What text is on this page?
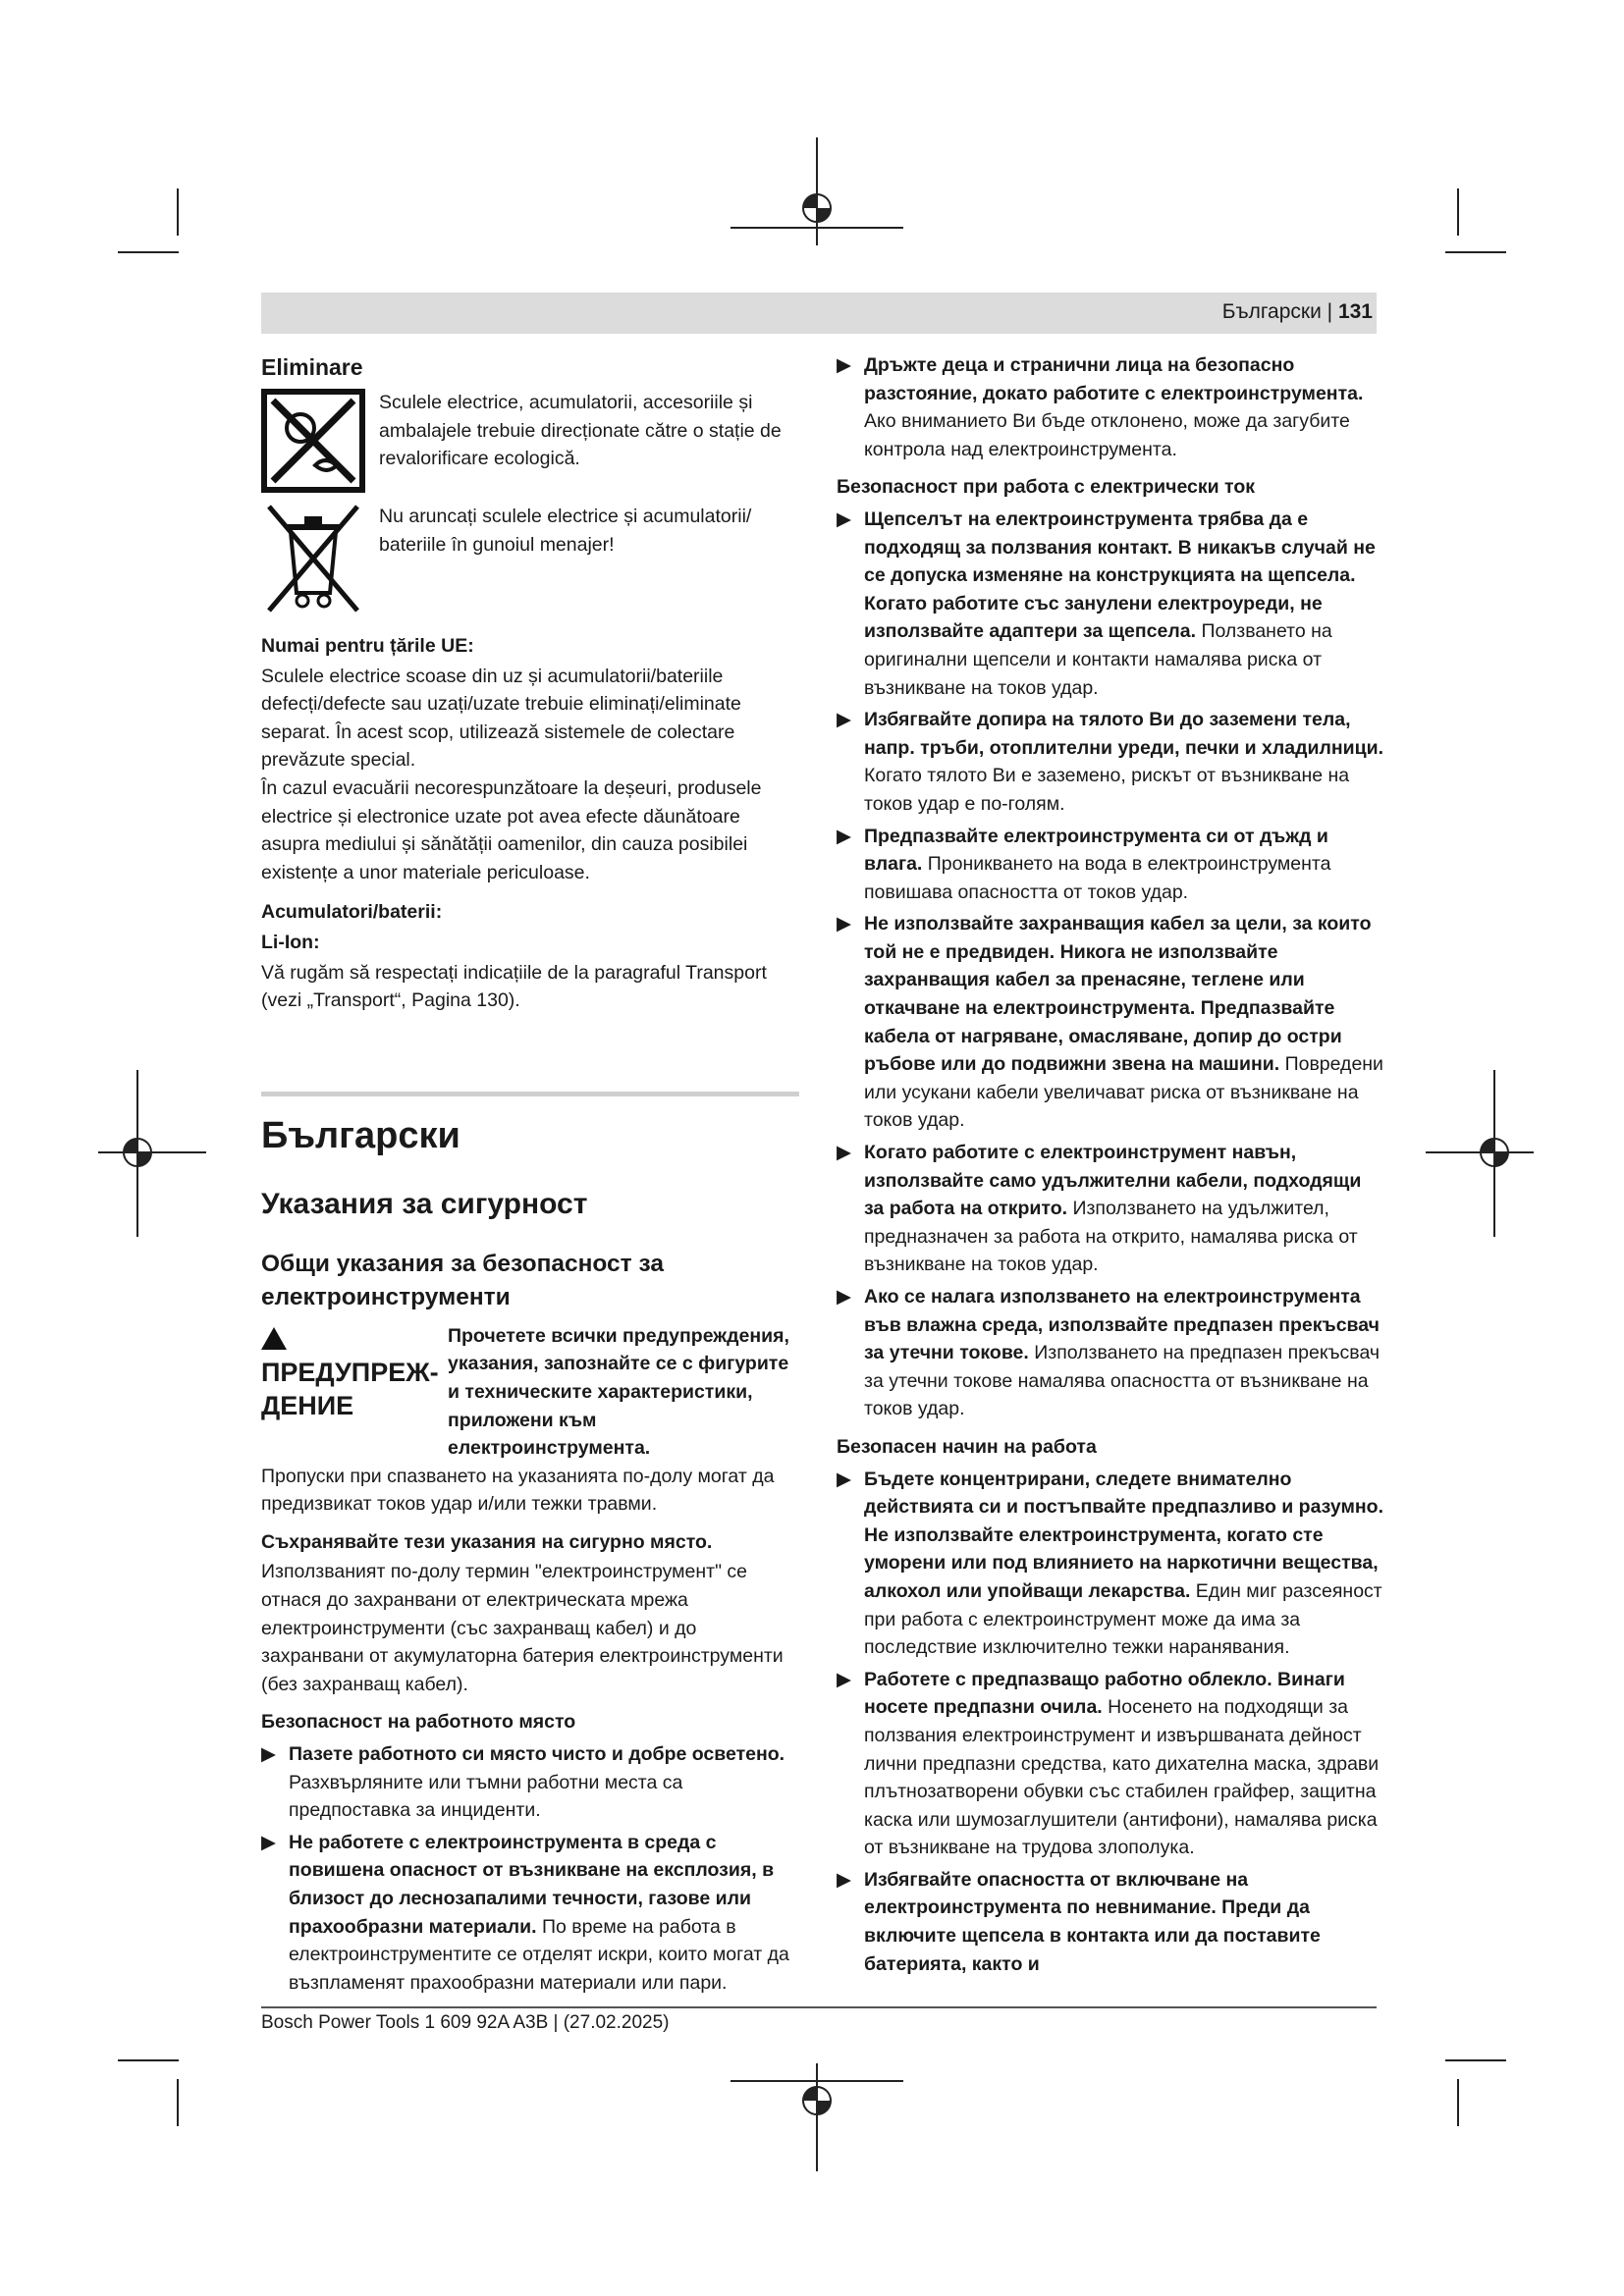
Български | 131
Eliminare

Sculele electrice, acumulatorii, accesoriile și ambalajele trebuie direcționate către o stație de revalorificare ecologică.

Nu aruncați sculele electrice și acumulatorii/ bateriile în gunoiul menajer!

Numai pentru țările UE:

Sculele electrice scoase din uz și acumulatorii/bateriile defecți/defecte sau uzați/uzate trebuie eliminați/eliminate separat. În acest scop, utilizează sistemele de colectare prevăzute special.

În cazul evacuării necorespunzătoare la deșeuri, produsele electrice și electronice uzate pot avea efecte dăunătoare asupra mediului și sănătății oamenilor, din cauza posibilei existențe a unor materiale periculoase.

Acumulatori/baterii:
Li-Ion:

Vă rugăm să respectați indicațiile de la paragraful Transport (vezi „Transport“, Pagina 130).

Български
Указания за сигурност
Общи указания за безопасност за електроинструменти
ПРЕДУПРЕЖ- ДЕНИЕ
Прочетете всички предупреждения, указания, запознайте се с фигурите и техническите характеристики, приложени към електроинструмента.

Пропуски при спазването на указанията по-долу могат да предизвикат токов удар и/или тежки травми.

Съхранявайте тези указания на сигурно място.

Използваният по-долу термин "електроинструмент" се отнася до захранвани от електрическата мрежа електроинструменти (със захранващ кабел) и до захранвани от акумулаторна батерия електроинструменти (без захранващ кабел).

Безопасност на работното място
▶ Пазете работното си място чисто и добре осветено. Разхвърляните или тъмни работни места са предпоставка за инциденти.
▶ Не работете с електроинструмента в среда с повишена опасност от възникване на експлозия, в близост до леснозапалими течности, газове или прахообразни материали. По време на работа в електроинструментите се отделят искри, които могат да възпламенят прахообразни материали или пари.
▶ Дръжте деца и странични лица на безопасно разстояние, докато работите с електроинструмента. Ако вниманието Ви бъде отклонено, може да загубите контрола над електроинструмента.
Безопасност при работа с електрически ток
▶ Щепселът на електроинструмента трябва да е подходящ за ползвания контакт. В никакъв случай не се допуска изменяне на конструкцията на щепсела. Когато работите със занулени електроуреди, не използвайте адаптери за щепсела. Ползването на оригинални щепсели и контакти намалява риска от възникване на токов удар.
▶ Избягвайте допира на тялото Ви до заземени тела, напр. тръби, отоплителни уреди, печки и хладилници. Когато тялото Ви е заземено, рискът от възникване на токов удар е по-голям.
▶ Предпазвайте електроинструмента си от дъжд и влага. Проникването на вода в електроинструмента повишава опасността от токов удар.
▶ Не използвайте захранващия кабел за цели, за които той не е предвиден. Никога не използвайте захранващия кабел за пренасяне, теглене или откачване на електроинструмента. Предпазвайте кабела от нагряване, омасляване, допир до остри ръбове или до подвижни звена на машини. Повредени или усукани кабели увеличават риска от възникване на токов удар.
▶ Когато работите с електроинструмент навън, използвайте само удължителни кабели, подходящи за работа на открито. Използването на удължител, предназначен за работа на открито, намалява риска от възникване на токов удар.
▶ Ако се налага използването на електроинструмента във влажна среда, използвайте предпазен прекъсвач за утечни токове. Използването на предпазен прекъсвач за утечни токове намалява опасността от възникване на токов удар.
Безопасен начин на работа
▶ Бъдете концентрирани, следете внимателно действията си и постъпвайте предпазливо и разумно. Не използвайте електроинструмента, когато сте уморени или под влиянието на наркотични вещества, алкохол или упойващи лекарства. Един миг разсеяност при работа с електроинструмент може да има за последствие изключително тежки наранявания.
▶ Работете с предпазващо работно облекло. Винаги носете предпазни очила. Носенето на подходящи за ползвания електроинструмент и извършваната дейност лични предпазни средства, като дихателна маска, здрави плътнозатворени обувки със стабилен грайфер, защитна каска или шумозаглушители (антифони), намалява риска от възникване на трудова злополука.
▶ Избягвайте опасността от включване на електроинструмента по невнимание. Преди да включите щепсела в контакта или да поставите батерията, както и
Bosch Power Tools 1 609 92A A3B | (27.02.2025)
